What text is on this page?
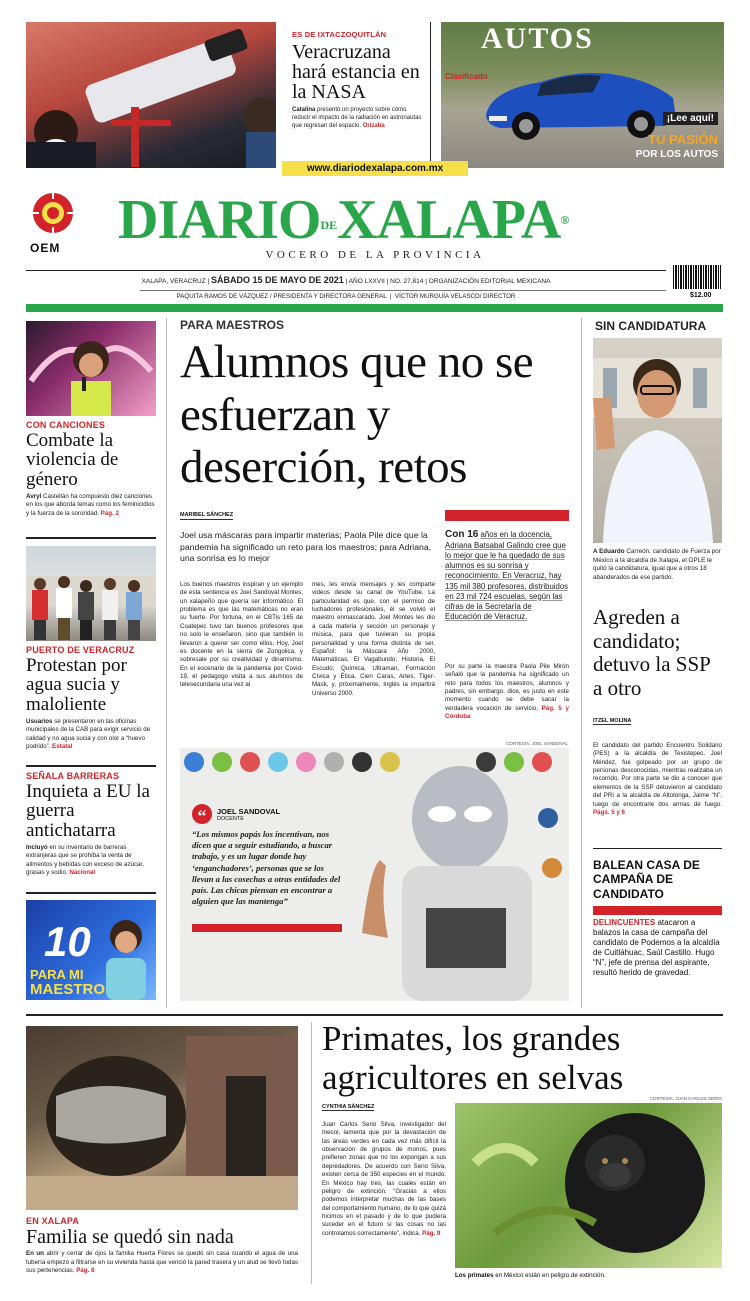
ES DE IXTACZOQUITLÁN
Veracruzana hará estancia en la NASA
Catalina presentó un proyecto sobre cómo reducir el impacto de la radiación en astronautas que regresan del espacio. Orizaba
AUTOS
Clasificado
¡Lee aquí!
TU PASIÓN
POR LOS AUTOS
www.diariodexalapa.com.mx
OEM	DIARIODEXALAPA®
VOCERO DE LA PROVINCIA
XALAPA, VERACRUZ | SÁBADO 15 DE MAYO DE 2021 | AÑO LXXVII | NO. 27,814 | ORGANIZACIÓN EDITORIAL MEXICANA
PAQUITA RAMOS DE VÁZQUEZ / PRESIDENTA Y DIRECTORA GENERAL  |  VÍCTOR MURGUÍA VELASCO/ DIRECTOR	$12.00
CON CANCIONES
Combate la violencia de género
Avryl Castellán ha compuesto diez canciones en los que aborda temas como los feminicidios y la fuerza de la sororidad. Pág. 2
PUERTO DE VERACRUZ
Protestan por agua sucia y maloliente
Usuarios se presentaron en las oficinas municipales de la CAB para exigir servicio de calidad y no agua sucia y con olor a “huevo podrido”. Estatal
SEÑALA BARRERAS
Inquieta a EU la guerra antichatarra
Incluyó en su inventario de barreras extranjeras que se prohíba la venta de alimentos y bebidas con exceso de azúcar, grasas y sodio. Nacional
10
PARA MI
MAESTRO
PARA MAESTROS
Alumnos que no se esfuerzan y deserción, retos
MARIBEL SÁNCHEZ
Joel usa máscaras para impartir materias; Paola Pile dice que la pandemia ha significado un reto para los maestros; para Adriana, una sonrisa es lo mejor
Con 16 años en la docencia, Adriana Batsabal Galindo cree que lo mejor que le ha quedado de sus alumnos es su sonrisa y reconocimiento. En Veracruz, hay 135 mil 380 profesores, distribuidos en 23 mil 724 escuelas, según las cifras de la Secretaría de Educación de Veracruz.
Los buenos maestros inspiran y un ejemplo de esta sentencia es Joel Sandoval Montes, un xalapeño que quería ser informático. El problema es que las matemáticas no eran su fuerte. Por fortuna, en el CBTis 165 de Coatepec tuvo tan buenos profesores que no solo le enseñaron, sino que también lo llevaron a querer ser como ellos. Hoy, Joel es docente en la sierra de Zongolica, y sobresale por su creatividad y dinamismo. En el escenario de la pandemia por Covid-19, el pedagogo visita a sus alumnos de telesecundaria una vez al
mes, les envía mensajes y les comparte videos desde su canal de YouTube. La particularidad es que, con el permiso de luchadores profesionales, él se volvió el maestro enmascarado. Joel Montes les dio a cada materia y sección un personaje y música, para que tuvieran su propia personalidad y una forma distinta de ser. Español: la Máscara Año 2000, Matemáticas, El Vagabundo; Historia, El Escudo, Química, Ultraman, Formación Cívica y Ética, Cien Caras, Artes, Tiger-Mask, y, próximamente, Inglés la impartirá Universo 2000.
Por su parte la maestra Paola Pile Mirón señaló que la pandemia ha significado un reto para todos los maestros, alumnos y padres, sin embargo, dice, es justo en este momento cuando se debe sacar la verdadera vocación de servicio. Pág. 5 y Córdoba
CORTESÍA: JOEL SANDOVAL
“	JOEL SANDOVAL
DOCENTE
“Los mismos papás los incentivan, nos dicen que a seguir estudiando, a buscar trabajo, y es un lugar donde hay ‘enganchadores’, personas que se los llevan a las cosechas a otras entidades del país. Las chicas piensan en encontrar a alguien que las mantenga”
SIN CANDIDATURA
A Eduardo Carreón, candidato de Fuerza por México a la alcaldía de Xalapa, el OPLE le quitó la candidatura, igual que a otros 18 abanderados de ese partido.
Agreden a candidato; detuvo la SSP a otro
ITZEL MOLINA
El candidato del partido Encuentro Solidario (PES) a la alcaldía de Texistepec, Joel Méndez, fue golpeado por un grupo de personas desconocidas, mientras realizaba un recorrido. Por otra parte se dio a conocer que elementos de la SSP detuvieron al candidato del PRI a la alcaldía de Altotonga, Jaime “N”, luego de encontrarle dos armas de fuego. Págs. 5 y 6
BALEAN CASA DE CAMPAÑA DE CANDIDATO
DELINCUENTES atacaron a balazos la casa de campaña del candidato de Podemos a la alcaldía de Cuitláhuac, Saúl Castillo. Hugo “N”, jefe de prensa del aspirante, resultó herido de gravedad.
EN XALAPA
Familia se quedó sin nada
En un abrir y cerrar de ojos la familia Huerta Flores se quedó sin casa cuando el agua de una tubería empezó a filtrarse en su vivienda hasta que venció la pared trasera y un alud se llevó todas sus pertenencias. Pág. 8
Primates, los grandes agricultores en selvas
CORTESÍA: JUAN CARLOS SERIO
CYNTHIA SÁNCHEZ
Juan Carlos Serio Silva, investigador del Inecol, lamenta que por la devastación de las áreas verdes en cada vez más difícil la observación de grupos de monos, pues prefieren zonas que no los expongan a sus depredadores. De acuerdo con Serio Silva, existen cerca de 350 especies en el mundo. En México hay tres, las cuales están en peligro de extinción. “Gracias a ellos podemos interpretar muchas de las bases del comportamiento humano, de lo que quizá hicimos en el pasado y de lo que pudiera suceder en el futuro si las cosas no las controlamos correctamente”, indica. Pág. 9
Los primates en México están en peligro de extinción.
